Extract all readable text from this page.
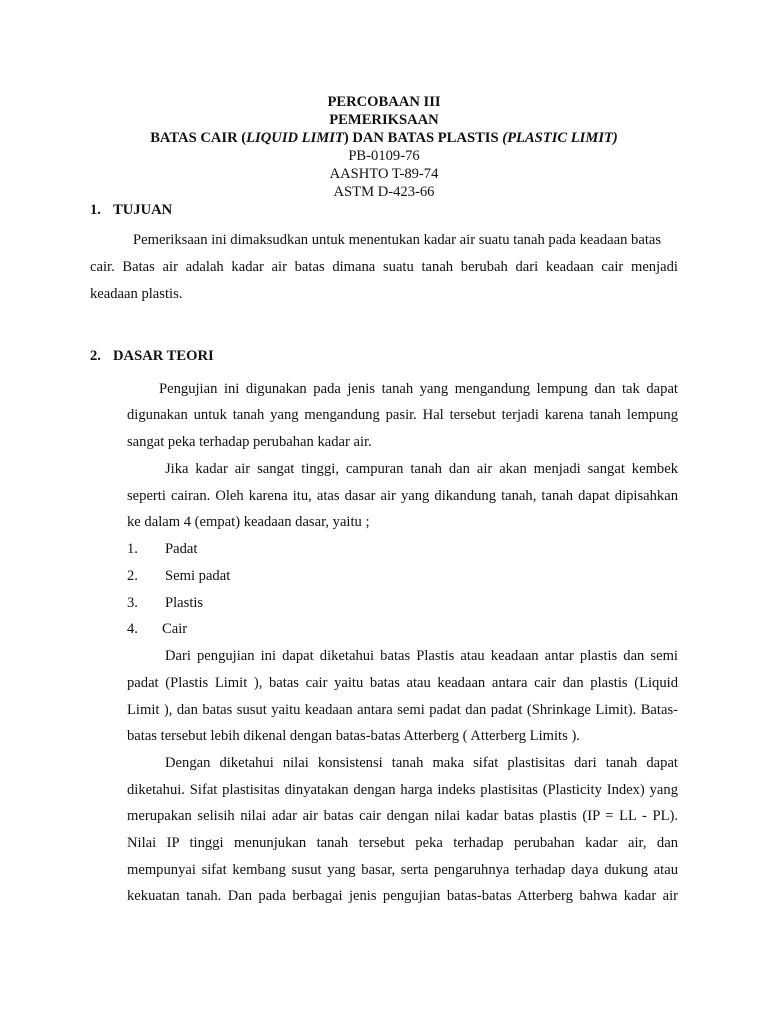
PERCOBAAN III
PEMERIKSAAN
BATAS CAIR (LIQUID LIMIT) DAN BATAS PLASTIS (PLASTIC LIMIT)
PB-0109-76
AASHTO T-89-74
ASTM D-423-66
1. TUJUAN
Pemeriksaan ini dimaksudkan untuk menentukan kadar air suatu tanah pada keadaan batas
cair. Batas air adalah kadar air batas dimana suatu tanah berubah dari keadaan cair menjadi
keadaan plastis.
2. DASAR TEORI
Pengujian ini digunakan pada jenis tanah yang mengandung lempung dan tak dapat
digunakan untuk tanah yang mengandung pasir. Hal tersebut terjadi karena tanah lempung
sangat peka terhadap perubahan kadar air.
Jika kadar air sangat tinggi, campuran tanah dan air akan menjadi sangat kembek
seperti cairan. Oleh karena itu, atas dasar air yang dikandung tanah, tanah dapat dipisahkan
ke dalam 4 (empat) keadaan dasar, yaitu ;
1. Padat
2. Semi padat
3. Plastis
4. Cair
Dari pengujian ini dapat diketahui batas Plastis atau keadaan antar plastis dan semi
padat (Plastis Limit ), batas cair yaitu batas atau keadaan antara cair dan plastis (Liquid
Limit ), dan batas susut yaitu keadaan antara semi padat dan padat (Shrinkage Limit). Batas-
batas tersebut lebih dikenal dengan batas-batas Atterberg ( Atterberg Limits ).
Dengan diketahui nilai konsistensi tanah maka sifat plastisitas dari tanah dapat
diketahui. Sifat plastisitas dinyatakan dengan harga indeks plastisitas (Plasticity Index) yang
merupakan selisih nilai adar air batas cair dengan nilai kadar batas plastis (IP = LL - PL).
Nilai IP tinggi menunjukan tanah tersebut peka terhadap perubahan kadar air, dan
mempunyai sifat kembang susut yang basar, serta pengaruhnya terhadap daya dukung atau
kekuatan tanah. Dan pada berbagai jenis pengujian batas-batas Atterberg bahwa kadar air
